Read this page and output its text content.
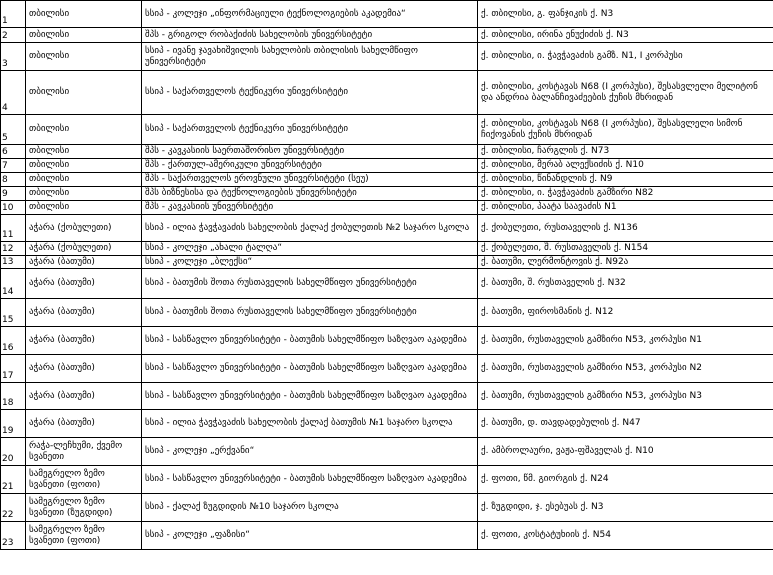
1	თბილისი	სსიპ - კოლეჯი „ინფორმაციული ტექნოლოგიების აკადემია“	ქ. თბილისი, გ. ფანჯიკის ქ. N3
2	თბილისი	შპს - გრიგოლ რობაქიძის სახელობის უნივერსიტეტი	ქ. თბილისი, ირინა ენუქიძის ქ. N3
3	თბილისი	სსიპ - ივანე ჯავახიშვილის სახელობის თბილისის სახელმწიფო უნივერსიტეტი	ქ. თბილისი, ი. ჭავჭავაძის გამზ. N1, I კორპუსი
4	თბილისი	სსიპ - საქართველოს ტექნიკური უნივერსიტეტი	ქ. თბილისი, კოსტავას N68 (I კორპუსი), შესასვლელი მელიტონ და ანდრია ბალანჩივაძეების ქუჩის მხრიდან
5	თბილისი	სსიპ - საქართველოს ტექნიკური უნივერსიტეტი	ქ. თბილისი, კოსტავას N68 (I კორპუსი), შესასვლელი სიმონ ჩიქოვანის ქუჩის მხრიდან
6	თბილისი	შპს - კავკასიის საერთაშორისო უნივერსიტეტი	ქ. თბილისი, ჩარგლის ქ. N73
7	თბილისი	შპს - ქართულ-ამერიკული უნივერსიტეტი	ქ. თბილისი, მერაბ ალექსიძის ქ. N10
8	თბილისი	შპს - საქართველოს ეროვნული უნივერსიტეტი (სეუ)	ქ. თბილისი, წინანდლის ქ. N9
9	თბილისი	შპს ბიზნესისა და ტექნოლოგიების უნივერსიტეტი	ქ. თბილისი, ი. ჭავჭავაძის გამზირი N82
10	თბილისი	შპს - კავკასიის უნივერსიტეტი	ქ. თბილისი, პაატა საავაძის N1
11	აჭარა (ქობულეთი)	სსიპ - ილია ჭავჭავაძის სახელობის ქალაქ ქობულეთის №2 საჯარო სკოლა	ქ. ქობულეთი, რუსთაველის ქ. N136
12	აჭარა (ქობულეთი)	სსიპ - კოლეჯი „ახალი ტალღა“	ქ. ქობულეთი, შ. რუსთაველის ქ. N154
13	აჭარა (ბათუმი)	სსიპ - კოლეჯი „ბლექსი“	ქ. ბათუმი, ლერმონტოვის ქ. N92ა
14	აჭარა (ბათუმი)	სსიპ - ბათუმის შოთა რუსთაველის სახელმწიფო უნივერსიტეტი	ქ. ბათუმი, შ. რუსთაველის ქ. N32
15	აჭარა (ბათუმი)	სსიპ - ბათუმის შოთა რუსთაველის სახელმწიფო უნივერსიტეტი	ქ. ბათუმი, ფიროსმანის ქ. N12
16	აჭარა (ბათუმი)	სსიპ - სასწავლო უნივერსიტეტი - ბათუმის სახელმწიფო საზღვაო აკადემია	ქ. ბათუმი, რუსთაველის გამზირი N53, კორპუსი N1
17	აჭარა (ბათუმი)	სსიპ - სასწავლო უნივერსიტეტი - ბათუმის სახელმწიფო საზღვაო აკადემია	ქ. ბათუმი, რუსთაველის გამზირი N53, კორპუსი N2
18	აჭარა (ბათუმი)	სსიპ - სასწავლო უნივერსიტეტი - ბათუმის სახელმწიფო საზღვაო აკადემია	ქ. ბათუმი, რუსთაველის გამზირი N53, კორპუსი N3
19	აჭარა (ბათუმი)	სსიპ - ილია ჭავჭავაძის სახელობის ქალაქ ბათუმის №1 საჯარო სკოლა	ქ. ბათუმი, დ. თავდადებულის ქ. N47
20	რაჭა-ლეჩხუმი, ქვემო სვანეთი	სსიპ - კოლეჯი „ერქვანი“	ქ. ამბროლაური, ვაჟა-ფშაველას ქ. N10
21	სამეგრელო ზემო სვანეთი (ფოთი)	სსიპ - სასწავლო უნივერსიტეტი - ბათუმის სახელმწიფო საზღვაო აკადემია	ქ. ფოთი, წმ. გიორგის ქ. N24
22	სამეგრელო ზემო სვანეთი (ზუგდიდი)	სსიპ - ქალაქ ზუგდიდის №10 საჯარო სკოლა	ქ. ზუგდიდი, ჯ. ესებუას ქ. N3
23	სამეგრელო ზემო სვანეთი (ფოთი)	სსიპ - კოლეჯი „ფაზისი“	ქ. ფოთი, კოსტატუხიის ქ. N54
